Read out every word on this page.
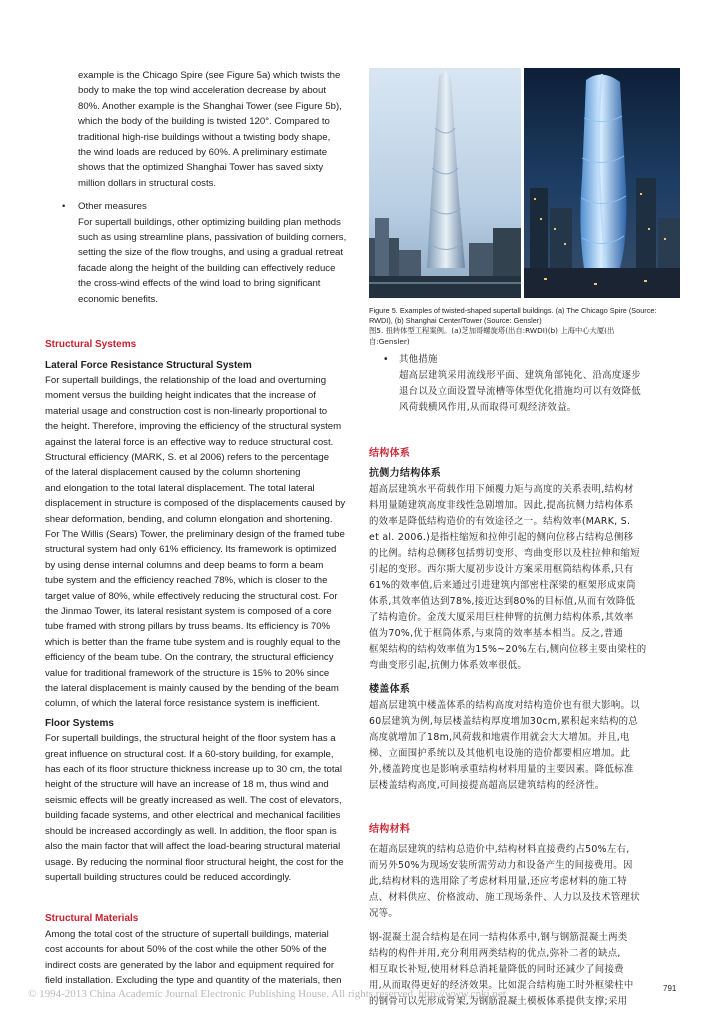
example is the Chicago Spire (see Figure 5a) which twists the

body to make the top wind acceleration decrease by about

80%. Another example is the Shanghai Tower (see Figure 5b),

which the body of the building is twisted 120°. Compared to

traditional high-rise buildings without a twisting body shape,

the wind loads are reduced by 60%. A preliminary estimate

shows that the optimized Shanghai Tower has saved sixty

million dollars in structural costs.

• Other measures

For supertall buildings, other optimizing building plan methods

such as using streamline plans, passivation of building corners,

setting the size of the flow troughs, and using a gradual retreat

facade along the height of the building can effectively reduce

the cross-wind effects of the wind load to bring significant

economic benefits.

Structural Systems

Lateral Force Resistance Structural System

For supertall buildings, the relationship of the load and overturning

moment versus the building height indicates that the increase of

material usage and construction cost is non-linearly proportional to

the height. Therefore, improving the efficiency of the structural system

against the lateral force is an effective way to reduce structural cost.

Structural efficiency (MARK, S. et al 2006) refers to the percentage

of the lateral displacement caused by the column shortening

and elongation to the total lateral displacement. The total lateral

displacement in structure is composed of the displacements caused by

shear deformation, bending, and column elongation and shortening.

For The Willis (Sears) Tower, the preliminary design of the framed tube

structural system had only 61% efficiency. Its framework is optimized

by using dense internal columns and deep beams to form a beam

tube system and the efficiency reached 78%, which is closer to the

target value of 80%, while effectively reducing the structural cost. For

the Jinmao Tower, its lateral resistant system is composed of a core

tube framed with strong pillars by truss beams. Its efficiency is 70%

which is better than the frame tube system and is roughly equal to the

efficiency of the beam tube. On the contrary, the structural efficiency

value for traditional framework of the structure is 15% to 20% since

the lateral displacement is mainly caused by the bending of the beam

column, of which the lateral force resistance system is inefficient.

Floor Systems

For supertall buildings, the structural height of the floor system has a

great influence on structural cost. If a 60-story building, for example,

has each of its floor structure thickness increase up to 30 cm, the total

height of the structure will have an increase of 18 m, thus wind and

seismic effects will be greatly increased as well. The cost of elevators,

building facade systems, and other electrical and mechanical facilities

should be increased accordingly as well. In addition, the floor span is

also the main factor that will affect the load-bearing structural material

usage. By reducing the norminal floor structural height, the cost for the

supertall building structures could be reduced accordingly.

Structural Materials

Among the total cost of the structure of supertall buildings, material

cost accounts for about 50% of the cost while the other 50% of the

indirect costs are generated by the labor and equipment required for

field installation. Excluding the type and quantity of the materials, then

Figure 5. Examples of twisted-shaped supertall buildings. (a) The Chicago Spire (Source:

RWDI), (b) Shanghai Center/Tower (Source: Gensler)

图5. 扭转体型工程案例。(a)芝加哥螺旋塔(出自:RWDI)(b) 上海中心大厦(出

自:Gensler)

• 其他措施

超高层建筑采用流线形平面、建筑角部钝化、沿高度逐步

退台以及立面设置导流槽等体型优化措施均可以有效降低

风荷载横风作用,从而取得可观经济效益。

结构体系

抗侧力结构体系

超高层建筑水平荷载作用下倾覆力矩与高度的关系表明,结构材

料用量随建筑高度非线性急剧增加。因此,提高抗侧力结构体系

的效率是降低结构造价的有效途径之一。结构效率(MARK, S.

et al. 2006.)是指柱缩短和拉伸引起的侧向位移占结构总侧移

的比例。结构总侧移包括剪切变形、弯曲变形以及柱拉伸和缩短

引起的变形。西尔斯大厦初步设计方案采用框筒结构体系,只有

61%的效率值,后来通过引进建筑内部密柱深梁的框架形成束筒

体系,其效率值达到78%,接近达到80%的目标值,从而有效降低

了结构造价。金茂大厦采用巨柱伸臂的抗侧力结构体系,其效率

值为70%,优于框筒体系,与束筒的效率基本相当。反之,普通

框架结构的结构效率值为15%~20%左右,侧向位移主要由梁柱的

弯曲变形引起,抗侧力体系效率很低。

楼盖体系

超高层建筑中楼盖体系的结构高度对结构造价也有很大影响。以

60层建筑为例,每层楼盖结构厚度增加30cm,累积起来结构的总

高度就增加了18m,风荷载和地震作用就会大大增加。并且,电

梯、立面围护系统以及其他机电设施的造价都要相应增加。此

外,楼盖跨度也是影响承重结构材料用量的主要因素。降低标准

层楼盖结构高度,可间接提高超高层建筑结构的经济性。

结构材料

在超高层建筑的结构总造价中,结构材料直接费约占50%左右,

而另外50%为现场安装所需劳动力和设备产生的间接费用。因

此,结构材料的选用除了考虑材料用量,还应考虑材料的施工特

点、材料供应、价格波动、施工现场条件、人力以及技术管理状

况等。

钢-混凝土混合结构是在同一结构体系中,钢与钢筋混凝土两类

结构的构件并用,充分利用两类结构的优点,弥补二者的缺点,

相互取长补短,使用材料总消耗量降低的同时还减少了间接费

用,从而取得更好的经济效果。比如混合结构施工时外框梁柱中

的钢骨可以先形成骨架,为钢筋混凝土模板体系提供支撑;采用

© 1994-2013 China Academic Journal Electronic Publishing House. All rights reserved. http://www.cnki.net	791
